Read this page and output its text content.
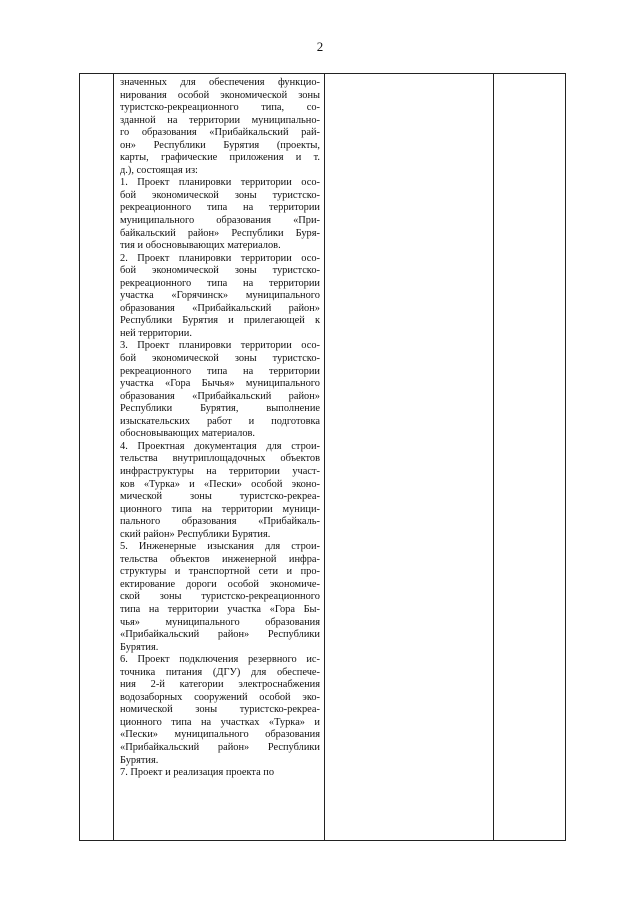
2

значенных для обеспечения функцио-
нирования особой экономической зоны
туристско-рекреационного типа, со-
зданной на территории муниципально-
го образования «Прибайкальский рай-
он» Республики Бурятия (проекты,
карты, графические приложения и т.
д.), состоящая из:
1. Проект планировки территории осо-
бой экономической зоны туристско-
рекреационного типа на территории
муниципального образования «При-
байкальский район» Республики Буря-
тия и обосновывающих материалов.
2. Проект планировки территории осо-
бой экономической зоны туристско-
рекреационного типа на территории
участка «Горячинск» муниципального
образования «Прибайкальский район»
Республики Бурятия и прилегающей к
ней территории.
3. Проект планировки территории осо-
бой экономической зоны туристско-
рекреационного типа на территории
участка «Гора Бычья» муниципального
образования «Прибайкальский район»
Республики Бурятия, выполнение
изыскательских работ и подготовка
обосновывающих материалов.
4. Проектная документация для строи-
тельства внутриплощадочных объектов
инфраструктуры на территории участ-
ков «Турка» и «Пески» особой эконо-
мической зоны туристско-рекреа-
ционного типа на территории муници-
пального образования «Прибайкаль-
ский район» Республики Бурятия.
5. Инженерные изыскания для строи-
тельства объектов инженерной инфра-
структуры и транспортной сети и про-
ектирование дороги особой экономиче-
ской зоны туристско-рекреационного
типа на территории участка «Гора Бы-
чья» муниципального образования
«Прибайкальский район» Республики
Бурятия.
6. Проект подключения резервного ис-
точника питания (ДГУ) для обеспече-
ния 2-й категории электроснабжения
водозаборных сооружений особой эко-
номической зоны туристско-рекреа-
ционного типа на участках «Турка» и
«Пески» муниципального образования
«Прибайкальский район» Республики
Бурятия.
7. Проект и реализация проекта по
